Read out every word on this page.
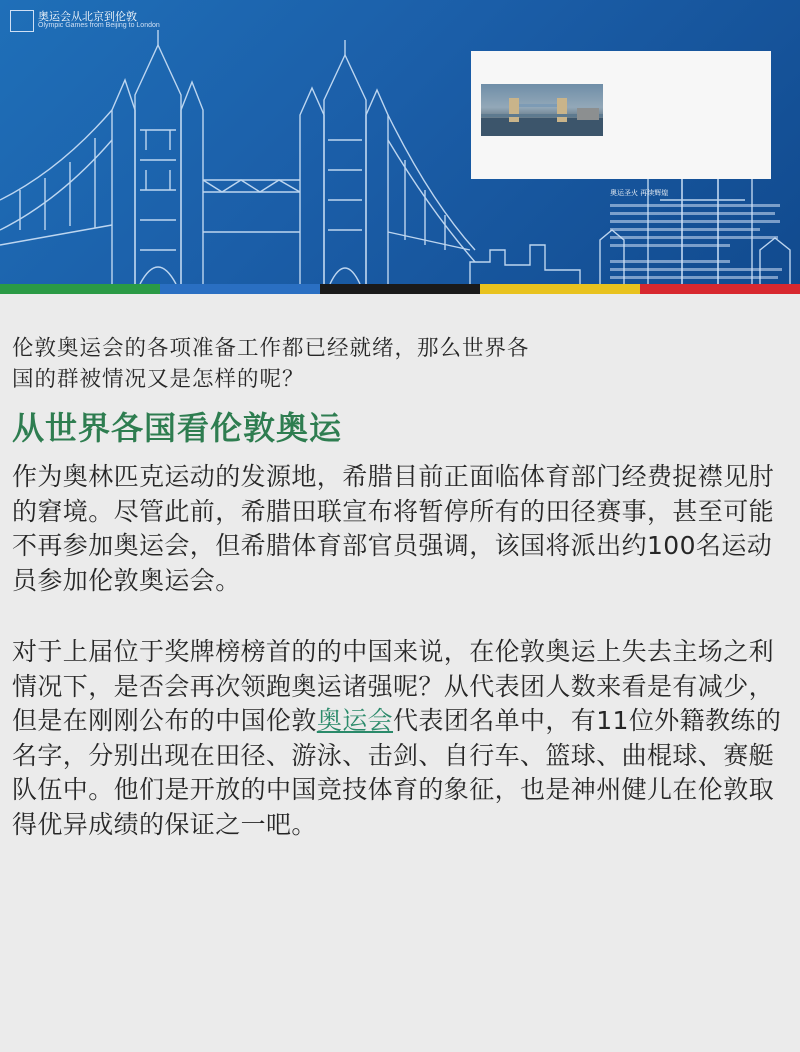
奥运会从北京到伦敦
Olympic Games from Beijing to London
奥运圣火 再续辉煌

伦敦奥运会的各项准备工作都已经就绪，那么世界各国的群被情况又是怎样的呢？

从世界各国看伦敦奥运

作为奥林匹克运动的发源地，希腊目前正面临体育部门经费捉襟见肘的窘境。尽管此前，希腊田联宣布将暂停所有的田径赛事，甚至可能不再参加奥运会，但希腊体育部官员强调，该国将派出约100名运动员参加伦敦奥运会。

对于上届位于奖牌榜榜首的的中国来说，在伦敦奥运上失去主场之利情况下，是否会再次领跑奥运诸强呢？从代表团人数来看是有减少，但是在刚刚公布的中国伦敦奥运会代表团名单中，有11位外籍教练的名字，分别出现在田径、游泳、击剑、自行车、篮球、曲棍球、赛艇队伍中。他们是开放的中国竞技体育的象征，也是神州健儿在伦敦取得优异成绩的保证之一吧。
